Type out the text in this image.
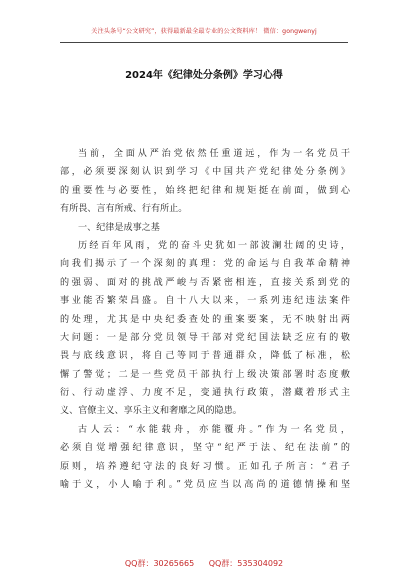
关注头条号“公文研究”，获得最新最全最专业的公文资料库！ 微信：gongwenyj
2024年《纪律处分条例》学习心得
当前，全面从严治党依然任重道远，作为一名党员干
部，必须要深刻认识到学习《中国共产党纪律处分条例》
的重要性与必要性，始终把纪律和规矩挺在前面，做到心
有所畏、言有所戒、行有所止。
一、纪律是成事之基
历经百年风雨，党的奋斗史犹如一部波澜壮阔的史诗，
向我们揭示了一个深刻的真理：党的命运与自我革命精神
的强弱、面对的挑战严峻与否紧密相连，直接关系到党的
事业能否繁荣昌盛。自十八大以来，一系列违纪违法案件
的处理，尤其是中央纪委查处的重案要案，无不映射出两
大问题：一是部分党员领导干部对党纪国法缺乏应有的敬
畏与底线意识，将自己等同于普通群众，降低了标准，松
懈了警觉；二是一些党员干部执行上级决策部署时态度敷
衍、行动虚浮、力度不足，变通执行政策，潜藏着形式主
义、官僚主义、享乐主义和奢靡之风的隐患。
古人云：“水能载舟，亦能覆舟。”作为一名党员，
必须自觉增强纪律意识，坚守“纪严于法、纪在法前”的
原则，培养遵纪守法的良好习惯。正如孔子所言：“君子
喻于义，小人喻于利。”党员应当以高尚的道德情操和坚
QQ群：30265665 QQ群：535304092
